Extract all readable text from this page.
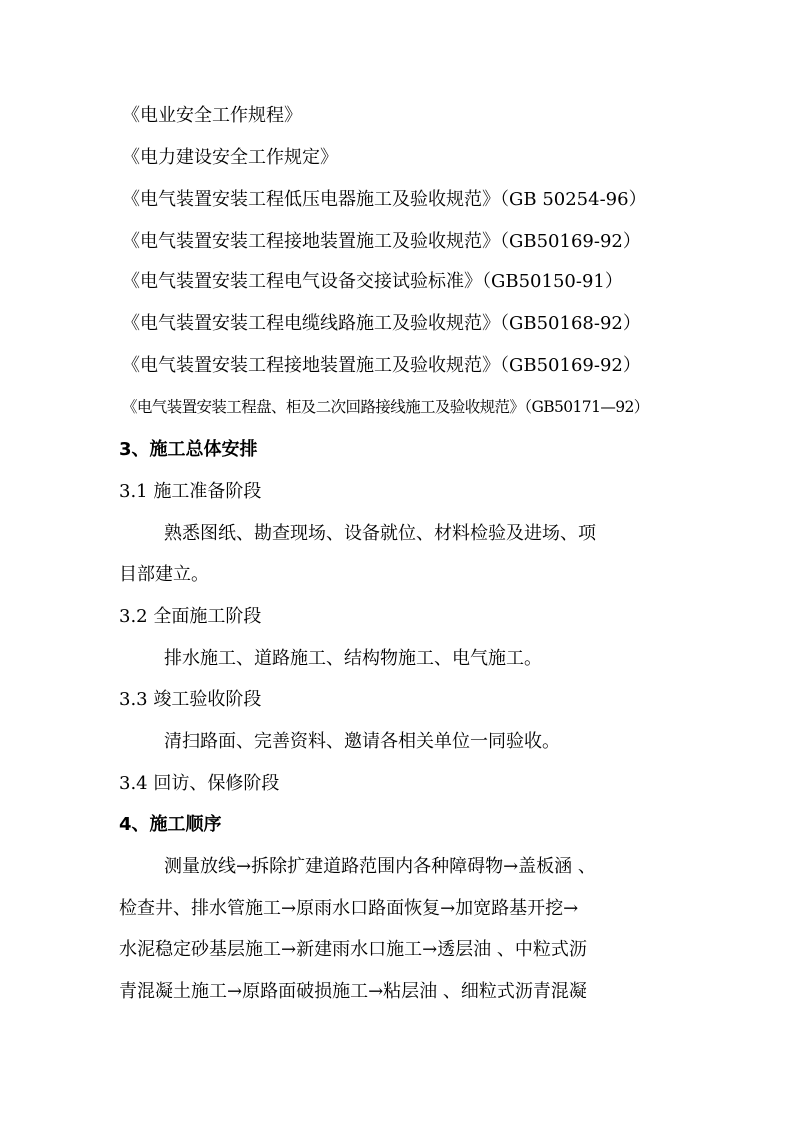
《电业安全工作规程》
《电力建设安全工作规定》
《电气装置安装工程低压电器施工及验收规范》（GB 50254-96）
《电气装置安装工程接地装置施工及验收规范》（GB50169-92）
《电气装置安装工程电气设备交接试验标准》（GB50150-91）
《电气装置安装工程电缆线路施工及验收规范》（GB50168-92）
《电气装置安装工程接地装置施工及验收规范》（GB50169-92）
《电气装置安装工程盘、柜及二次回路接线施工及验收规范》（GB50171—92）
3、施工总体安排
3.1 施工准备阶段
熟悉图纸、勘查现场、设备就位、材料检验及进场、项
目部建立。
3.2 全面施工阶段
排水施工、道路施工、结构物施工、电气施工。
3.3 竣工验收阶段
清扫路面、完善资料、邀请各相关单位一同验收。
3.4 回访、保修阶段
4、施工顺序
测量放线→拆除扩建道路范围内各种障碍物→盖板涵 、
检查井、排水管施工→原雨水口路面恢复→加宽路基开挖→
水泥稳定砂基层施工→新建雨水口施工→透层油 、中粒式沥
青混凝土施工→原路面破损施工→粘层油 、细粒式沥青混凝
